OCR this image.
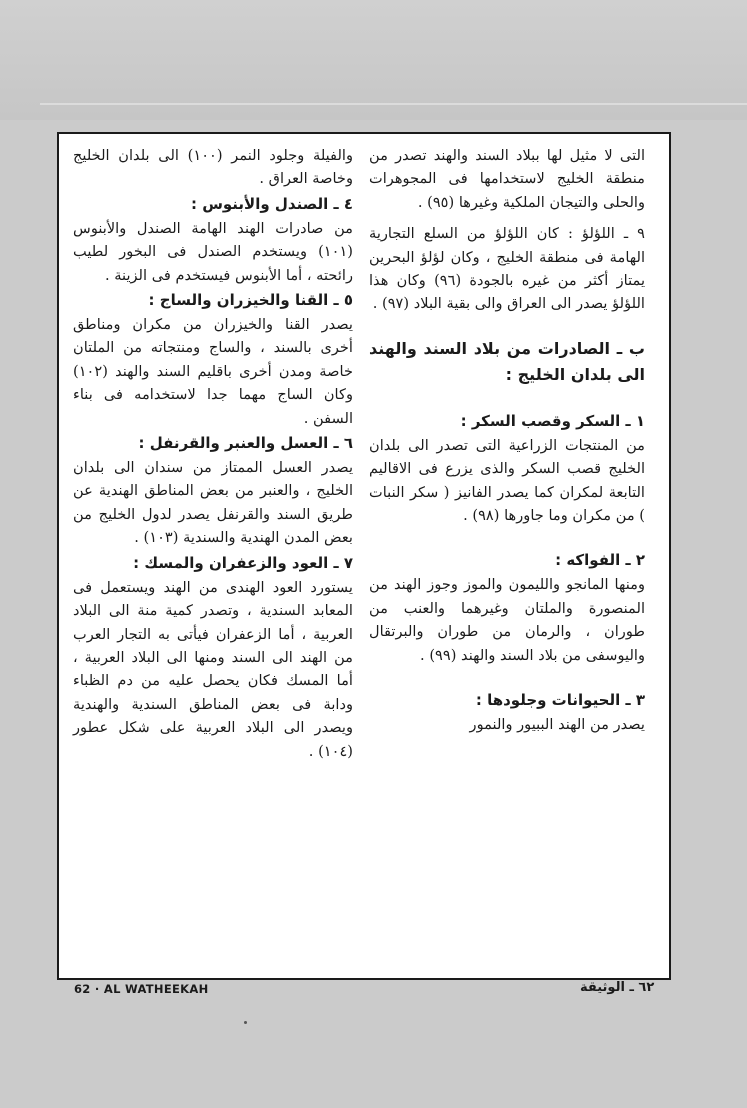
التى لا مثيل لها ببلاد السند والهند تصدر من منطقة الخليج لاستخدامها فى المجوهرات والحلى والتيجان الملكية وغيرها (٩٥) .

٩ ـ اللؤلؤ : كان اللؤلؤ من السلع التجارية الهامة فى منطقة الخليج ، وكان لؤلؤ البحرين يمتاز أكثر من غيره بالجودة (٩٦) وكان هذا اللؤلؤ يصدر الى العراق والى بقية البلاد (٩٧) .

ب ـ الصادرات من بلاد السند والهند الى بلدان الخليج :
١ ـ السكر وقصب السكر :

من المنتجات الزراعية التى تصدر الى بلدان الخليج قصب السكر والذى يزرع فى الاقاليم التابعة لمكران كما يصدر الفانيز ( سكر النبات ) من مكران وما جاورها (٩٨) .

٢ ـ الفواكه :

ومنها المانجو والليمون والموز وجوز الهند من المنصورة والملتان وغيرهما والعنب من طوران ، والرمان من طوران والبرتقال واليوسفى من بلاد السند والهند (٩٩) .

٣ ـ الحيوانات وجلودها :

يصدر من الهند الببيور والنمور

والفيلة وجلود النمر (١٠٠) الى بلدان الخليج وخاصة العراق .

٤ ـ الصندل والأبنوس :

من صادرات الهند الهامة الصندل والأبنوس (١٠١) ويستخدم الصندل فى البخور لطيب رائحته ، أما الأبنوس فيستخدم فى الزينة .

٥ ـ القنا والخيزران والساج :

يصدر القنا والخيزران من مكران ومناطق أخرى بالسند ، والساج ومنتجاته من الملتان خاصة ومدن أخرى باقليم السند والهند (١٠٢) وكان الساج مهما جدا لاستخدامه فى بناء السفن .

٦ ـ العسل والعنبر والقرنفل :

يصدر العسل الممتاز من سندان الى بلدان الخليج ، والعنبر من بعض المناطق الهندية عن طريق السند والقرنفل يصدر لدول الخليج من بعض المدن الهندية والسندية (١٠٣) .

٧ ـ العود والزعفران والمسك :

يستورد العود الهندى من الهند ويستعمل فى المعابد السندية ، وتصدر كمية منة الى البلاد العربية ، أما الزعفران فيأتى به التجار العرب من الهند الى السند ومنها الى البلاد العربية ، أما المسك فكان يحصل عليه من دم الظباء ودابة فى بعض المناطق السندية والهندية ويصدر الى البلاد العربية على شكل عطور (١٠٤) .

62 · AL WATHEEKAH	٦٢ ـ الوثيقة
